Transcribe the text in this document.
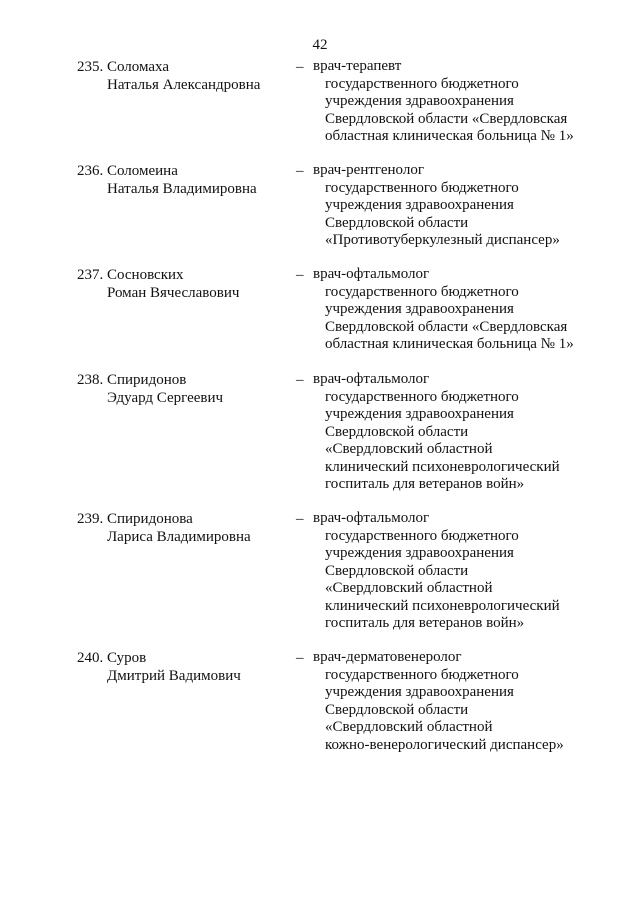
42
235. Соломаха
Наталья Александровна
– врач-терапевт
государственного бюджетного
учреждения здравоохранения
Свердловской области «Свердловская
областная клиническая больница № 1»
236. Соломеина
Наталья Владимировна
– врач-рентгенолог
государственного бюджетного
учреждения здравоохранения
Свердловской области
«Противотуберкулезный диспансер»
237. Сосновских
Роман Вячеславович
– врач-офтальмолог
государственного бюджетного
учреждения здравоохранения
Свердловской области «Свердловская
областная клиническая больница № 1»
238. Спиридонов
Эдуард Сергеевич
– врач-офтальмолог
государственного бюджетного
учреждения здравоохранения
Свердловской области
«Свердловский областной
клинический психоневрологический
госпиталь для ветеранов войн»
239. Спиридонова
Лариса Владимировна
– врач-офтальмолог
государственного бюджетного
учреждения здравоохранения
Свердловской области
«Свердловский областной
клинический психоневрологический
госпиталь для ветеранов войн»
240. Суров
Дмитрий Вадимович
– врач-дерматовенеролог
государственного бюджетного
учреждения здравоохранения
Свердловской области
«Свердловский областной
кожно-венерологический диспансер»
